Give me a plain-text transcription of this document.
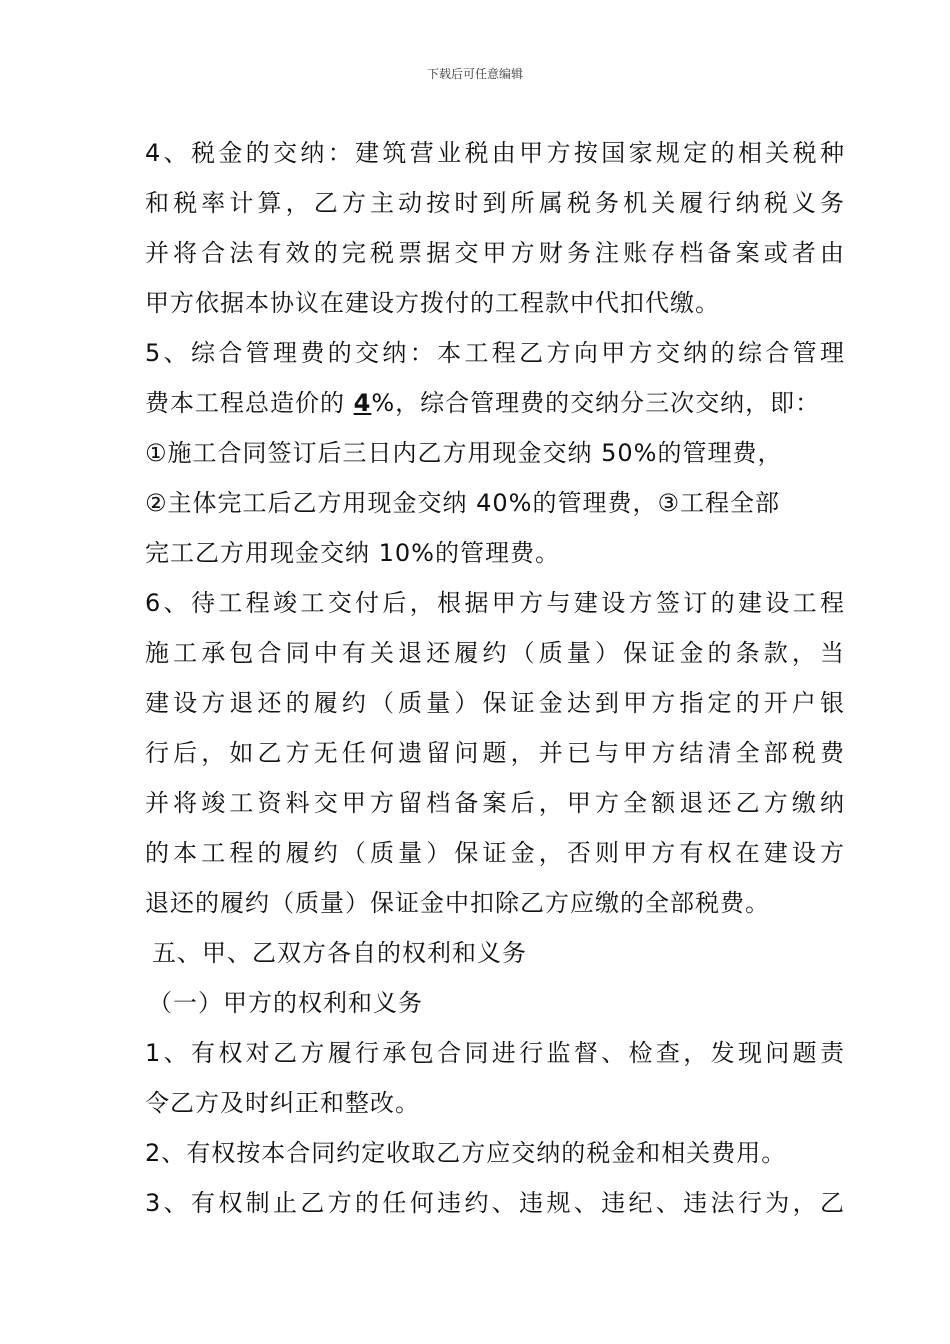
下载后可任意编辑
4、税金的交纳：建筑营业税由甲方按国家规定的相关税种
和税率计算，乙方主动按时到所属税务机关履行纳税义务
并将合法有效的完税票据交甲方财务注账存档备案或者由
甲方依据本协议在建设方拨付的工程款中代扣代缴。
5、综合管理费的交纳：本工程乙方向甲方交纳的综合管理
费本工程总造价的 4%，综合管理费的交纳分三次交纳，即：
①施工合同签订后三日内乙方用现金交纳 50%的管理费，
②主体完工后乙方用现金交纳 40%的管理费，③工程全部
完工乙方用现金交纳 10%的管理费。
6、待工程竣工交付后，根据甲方与建设方签订的建设工程
施工承包合同中有关退还履约（质量）保证金的条款，当
建设方退还的履约（质量）保证金达到甲方指定的开户银
行后，如乙方无任何遗留问题，并已与甲方结清全部税费
并将竣工资料交甲方留档备案后，甲方全额退还乙方缴纳
的本工程的履约（质量）保证金，否则甲方有权在建设方
退还的履约（质量）保证金中扣除乙方应缴的全部税费。
五、甲、乙双方各自的权利和义务
（一）甲方的权利和义务
1、有权对乙方履行承包合同进行监督、检查，发现问题责
令乙方及时纠正和整改。
2、有权按本合同约定收取乙方应交纳的税金和相关费用。
3、有权制止乙方的任何违约、违规、违纪、违法行为，乙
